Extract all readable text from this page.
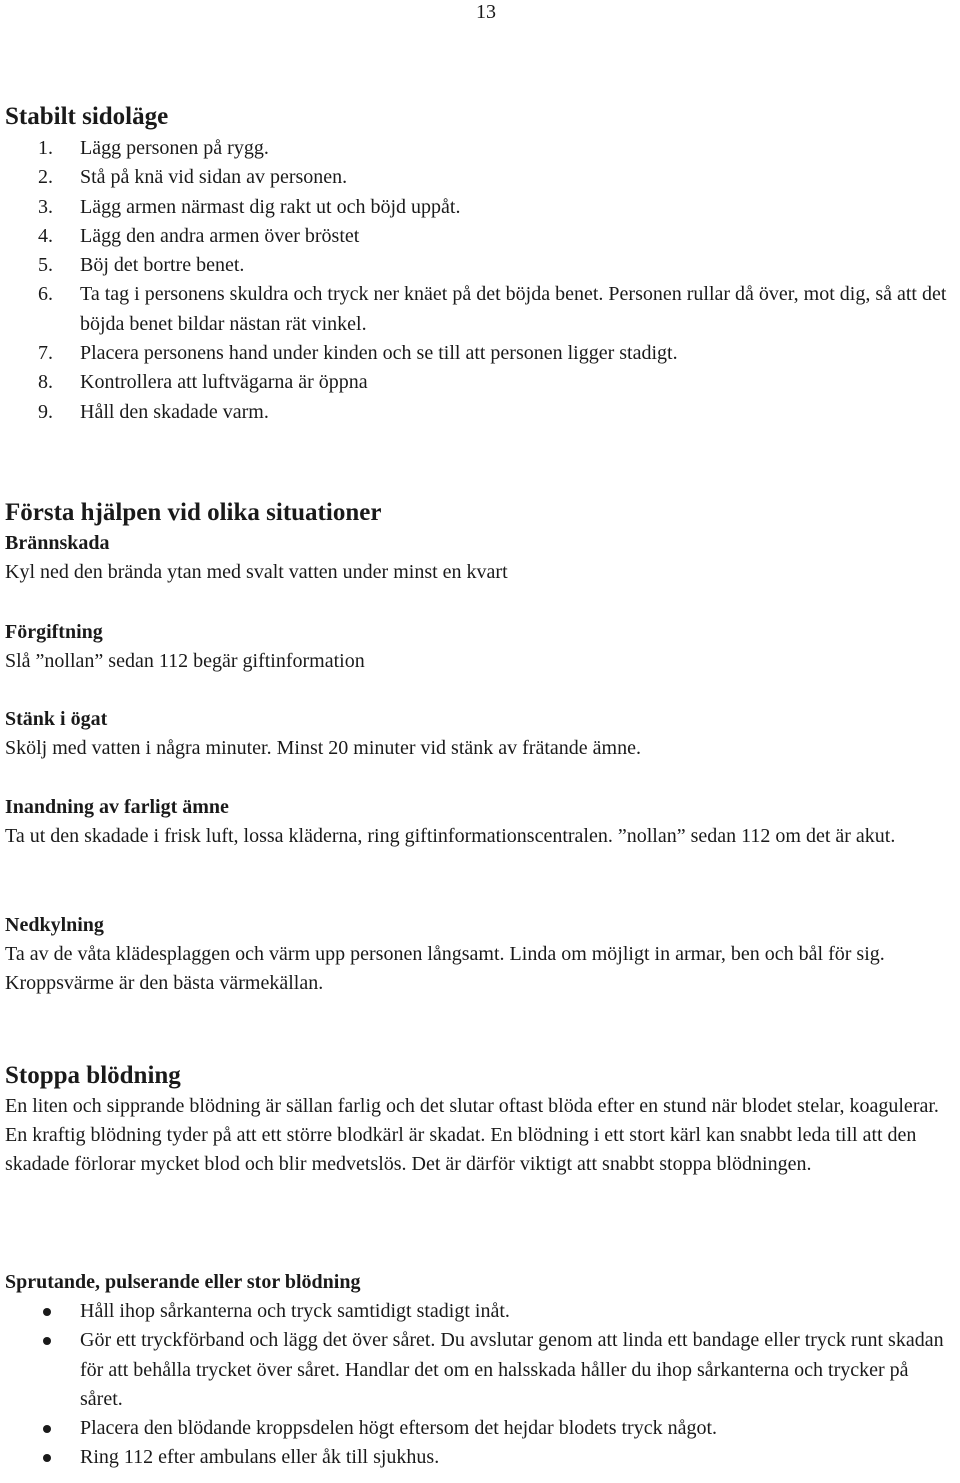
13
Stabilt sidoläge
1. Lägg personen på rygg.
2. Stå på knä vid sidan av personen.
3. Lägg armen närmast dig rakt ut och böjd uppåt.
4. Lägg den andra armen över bröstet
5. Böj det bortre benet.
6. Ta tag i personens skuldra och tryck ner knäet på det böjda benet. Personen rullar då över, mot dig, så att det böjda benet bildar nästan rät vinkel.
7. Placera personens hand under kinden och se till att personen ligger stadigt.
8. Kontrollera att luftvägarna är öppna
9. Håll den skadade varm.
Första hjälpen vid olika situationer
Brännskada

Kyl ned den brända ytan med svalt vatten under minst en kvart

Förgiftning

Slå ”nollan” sedan 112 begär giftinformation

Stänk i ögat

Skölj med vatten i några minuter. Minst 20 minuter vid stänk av frätande ämne.

Inandning av farligt ämne

Ta ut den skadade i frisk luft, lossa kläderna, ring giftinformationscentralen. ”nollan” sedan 112 om det är akut.

Nedkylning

Ta av de våta klädesplaggen och värm upp personen långsamt. Linda om möjligt in armar, ben och bål för sig. Kroppsvärme är den bästa värmekällan.

Stoppa blödning

En liten och sipprande blödning är sällan farlig och det slutar oftast blöda efter en stund när blodet stelar, koagulerar.

En kraftig blödning tyder på att ett större blodkärl är skadat. En blödning i ett stort kärl kan snabbt leda till att den skadade förlorar mycket blod och blir medvetslös. Det är därför viktigt att snabbt stoppa blödningen.

Sprutande, pulserande eller stor blödning
Håll ihop sårkanterna och tryck samtidigt stadigt inåt.
Gör ett tryckförband och lägg det över såret. Du avslutar genom att linda ett bandage eller tryck runt skadan för att behålla trycket över såret. Handlar det om en halsskada håller du ihop sårkanterna och trycker på såret.
Placera den blödande kroppsdelen högt eftersom det hejdar blodets tryck något.
Ring 112 efter ambulans eller åk till sjukhus.
